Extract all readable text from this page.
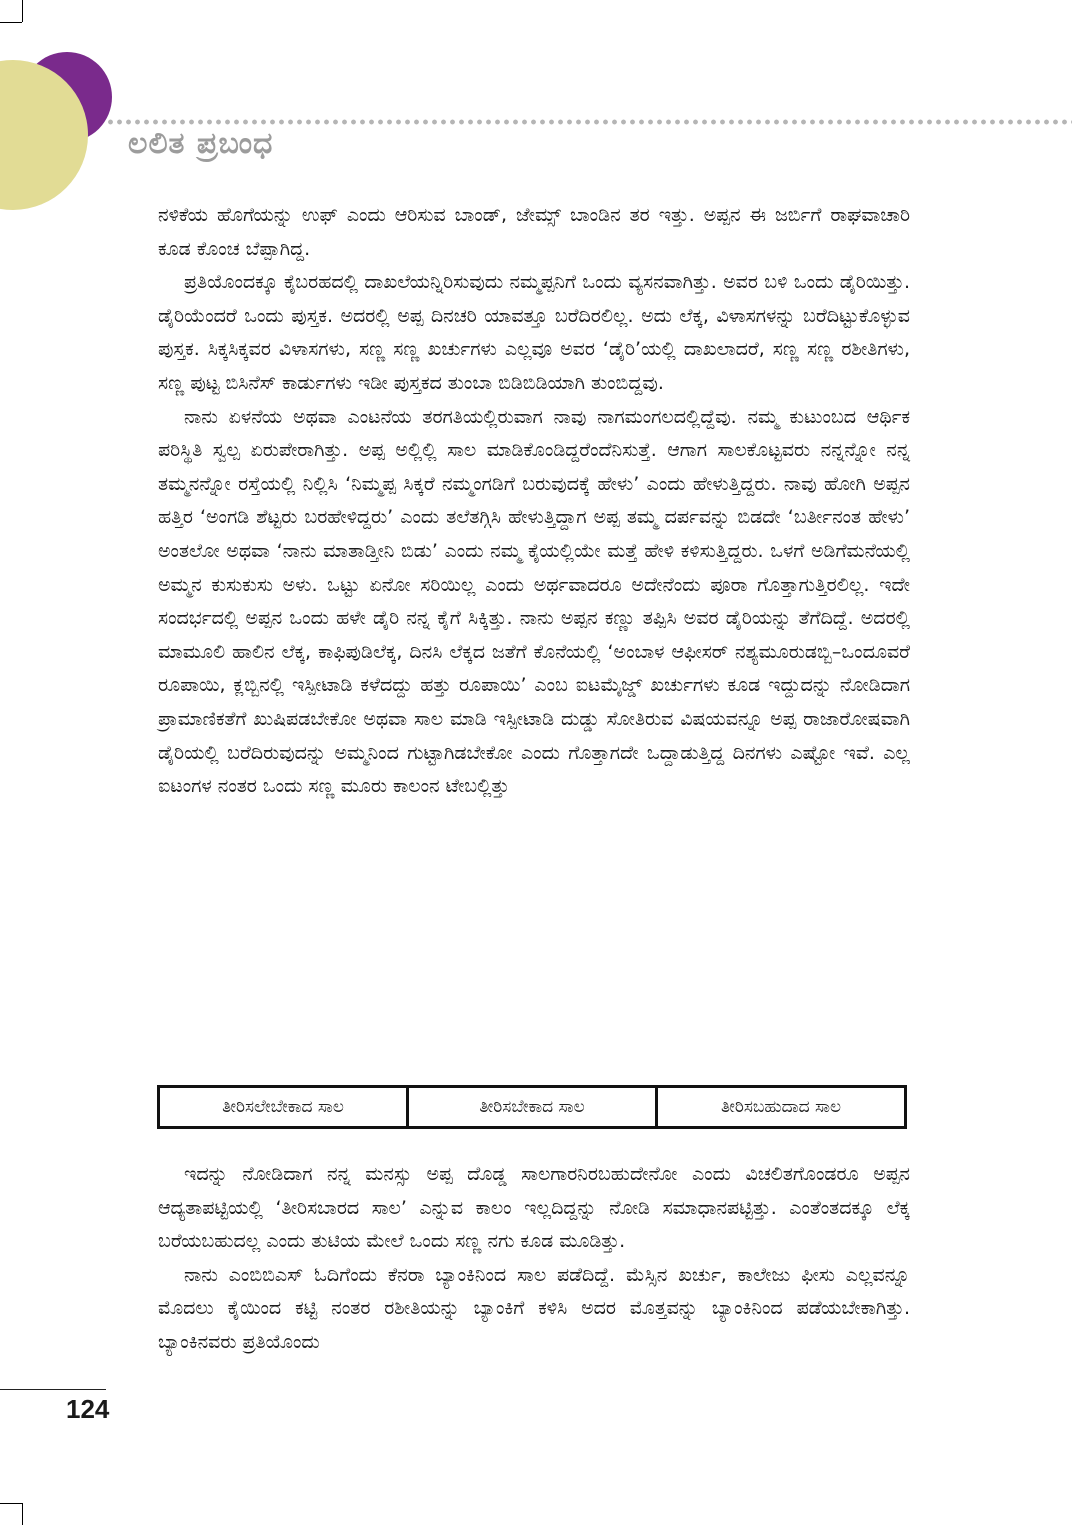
ಲಲಿತ ಪ್ರಬಂಧ

ನಳಿಕೆಯ ಹೊಗೆಯನ್ನು ಉಫ್ ಎಂದು ಆರಿಸುವ ಬಾಂಡ್, ಜೇಮ್ಸ್ ಬಾಂಡಿನ ತರ ಇತ್ತು. ಅಪ್ಪನ ಈ ಜರ್ಬಿಗೆ ರಾಘವಾಚಾರಿ ಕೂಡ ಕೊಂಚ ಬೆಪ್ಪಾಗಿದ್ದ.

ಪ್ರತಿಯೊಂದಕ್ಕೂ ಕೈಬರಹದಲ್ಲಿ ದಾಖಲೆಯನ್ನಿರಿಸುವುದು ನಮ್ಮಪ್ಪನಿಗೆ ಒಂದು ವ್ಯಸನವಾಗಿತ್ತು. ಅವರ ಬಳಿ ಒಂದು ಡೈರಿಯಿತ್ತು. ಡೈರಿಯೆಂದರೆ ಒಂದು ಪುಸ್ತಕ. ಅದರಲ್ಲಿ ಅಪ್ಪ ದಿನಚರಿ ಯಾವತ್ತೂ ಬರೆದಿರಲಿಲ್ಲ. ಅದು ಲೆಕ್ಕ, ವಿಳಾಸಗಳನ್ನು ಬರೆದಿಟ್ಟುಕೊಳ್ಳುವ ಪುಸ್ತಕ. ಸಿಕ್ಕಸಿಕ್ಕವರ ವಿಳಾಸಗಳು, ಸಣ್ಣ ಸಣ್ಣ ಖರ್ಚುಗಳು ಎಲ್ಲವೂ ಅವರ ‘ಡೈರಿ’ಯಲ್ಲಿ ದಾಖಲಾದರೆ, ಸಣ್ಣ ಸಣ್ಣ ರಶೀತಿಗಳು, ಸಣ್ಣ ಪುಟ್ಟ ಬಿಸಿನೆಸ್ ಕಾರ್ಡುಗಳು ಇಡೀ ಪುಸ್ತಕದ ತುಂಬಾ ಬಿಡಿಬಿಡಿಯಾಗಿ ತುಂಬಿದ್ದವು.

ನಾನು ಏಳನೆಯ ಅಥವಾ ಎಂಟನೆಯ ತರಗತಿಯಲ್ಲಿರುವಾಗ ನಾವು ನಾಗಮಂಗಲದಲ್ಲಿದ್ದೆವು. ನಮ್ಮ ಕುಟುಂಬದ ಆರ್ಥಿಕ ಪರಿಸ್ಥಿತಿ ಸ್ವಲ್ಪ ಏರುಪೇರಾಗಿತ್ತು. ಅಪ್ಪ ಅಲ್ಲಿಲ್ಲಿ ಸಾಲ ಮಾಡಿಕೊಂಡಿದ್ದರೆಂದೆನಿಸುತ್ತೆ. ಆಗಾಗ ಸಾಲಕೊಟ್ಟವರು ನನ್ನನ್ನೋ ನನ್ನ ತಮ್ಮನನ್ನೋ ರಸ್ತೆಯಲ್ಲಿ ನಿಲ್ಲಿಸಿ ‘ನಿಮ್ಮಪ್ಪ ಸಿಕ್ಕರೆ ನಮ್ಮಂಗಡಿಗೆ ಬರುವುದಕ್ಕೆ ಹೇಳು’ ಎಂದು ಹೇಳುತ್ತಿದ್ದರು. ನಾವು ಹೋಗಿ ಅಪ್ಪನ ಹತ್ತಿರ ‘ಅಂಗಡಿ ಶೆಟ್ಟರು ಬರಹೇಳಿದ್ದರು’ ಎಂದು ತಲೆತಗ್ಗಿಸಿ ಹೇಳುತ್ತಿದ್ದಾಗ ಅಪ್ಪ ತಮ್ಮ ದರ್ಪವನ್ನು ಬಿಡದೇ ‘ಬರ್ತೀನಂತ ಹೇಳು’ ಅಂತಲೋ ಅಥವಾ ‘ನಾನು ಮಾತಾಡ್ತೀನಿ ಬಿಡು’ ಎಂದು ನಮ್ಮ ಕೈಯಲ್ಲಿಯೇ ಮತ್ತೆ ಹೇಳಿ ಕಳಿಸುತ್ತಿದ್ದರು. ಒಳಗೆ ಅಡಿಗೆಮನೆಯಲ್ಲಿ ಅಮ್ಮನ ಕುಸುಕುಸು ಅಳು. ಒಟ್ಟು ಏನೋ ಸರಿಯಿಲ್ಲ ಎಂದು ಅರ್ಥವಾದರೂ ಅದೇನೆಂದು ಪೂರಾ ಗೊತ್ತಾಗುತ್ತಿರಲಿಲ್ಲ. ಇದೇ ಸಂದರ್ಭದಲ್ಲಿ ಅಪ್ಪನ ಒಂದು ಹಳೇ ಡೈರಿ ನನ್ನ ಕೈಗೆ ಸಿಕ್ಕಿತ್ತು. ನಾನು ಅಪ್ಪನ ಕಣ್ಣು ತಪ್ಪಿಸಿ ಅವರ ಡೈರಿಯನ್ನು ತೆಗೆದಿದ್ದೆ. ಅದರಲ್ಲಿ ಮಾಮೂಲಿ ಹಾಲಿನ ಲೆಕ್ಕ, ಕಾಫಿಪುಡಿಲೆಕ್ಕ, ದಿನಸಿ ಲೆಕ್ಕದ ಜತೆಗೆ ಕೊನೆಯಲ್ಲಿ ‘ಅಂಬಾಳ ಆಫೀಸರ್ ನಶ್ಯಮೂರುಡಬ್ಬಿ–ಒಂದೂವರೆ ರೂಪಾಯಿ, ಕ್ಲಬ್ಬಿನಲ್ಲಿ ಇಸ್ಪೀಟಾಡಿ ಕಳೆದದ್ದು ಹತ್ತು ರೂಪಾಯಿ’ ಎಂಬ ಐಟಮೈಜ್ಡ್ ಖರ್ಚುಗಳು ಕೂಡ ಇದ್ದುದನ್ನು ನೋಡಿದಾಗ ಪ್ರಾಮಾಣಿಕತೆಗೆ ಖುಷಿಪಡಬೇಕೋ ಅಥವಾ ಸಾಲ ಮಾಡಿ ಇಸ್ಪೀಟಾಡಿ ದುಡ್ಡು ಸೋತಿರುವ ವಿಷಯವನ್ನೂ ಅಪ್ಪ ರಾಜಾರೋಷವಾಗಿ ಡೈರಿಯಲ್ಲಿ ಬರೆದಿರುವುದನ್ನು ಅಮ್ಮನಿಂದ ಗುಟ್ಟಾಗಿಡಬೇಕೋ ಎಂದು ಗೊತ್ತಾಗದೇ ಒದ್ದಾಡುತ್ತಿದ್ದ ದಿನಗಳು ಎಷ್ಟೋ ಇವೆ. ಎಲ್ಲ ಐಟಂಗಳ ನಂತರ ಒಂದು ಸಣ್ಣ ಮೂರು ಕಾಲಂನ ಟೇಬಲ್ಲಿತ್ತು

ತೀರಿಸಲೇಬೇಕಾದ ಸಾಲ	ತೀರಿಸಬೇಕಾದ ಸಾಲ	ತೀರಿಸಬಹುದಾದ ಸಾಲ

ಇದನ್ನು ನೋಡಿದಾಗ ನನ್ನ ಮನಸ್ಸು ಅಪ್ಪ ದೊಡ್ಡ ಸಾಲಗಾರನಿರಬಹುದೇನೋ ಎಂದು ವಿಚಲಿತಗೊಂಡರೂ ಅಪ್ಪನ ಆದ್ಯತಾಪಟ್ಟಿಯಲ್ಲಿ ‘ತೀರಿಸಬಾರದ ಸಾಲ’ ಎನ್ನುವ ಕಾಲಂ ಇಲ್ಲದಿದ್ದನ್ನು ನೋಡಿ ಸಮಾಧಾನಪಟ್ಟಿತ್ತು. ಎಂತೆಂತದಕ್ಕೂ ಲೆಕ್ಕ ಬರೆಯಬಹುದಲ್ಲ ಎಂದು ತುಟಿಯ ಮೇಲೆ ಒಂದು ಸಣ್ಣ ನಗು ಕೂಡ ಮೂಡಿತ್ತು.

ನಾನು ಎಂಬಿಬಿಎಸ್ ಓದಿಗೆಂದು ಕೆನರಾ ಬ್ಯಾಂಕಿನಿಂದ ಸಾಲ ಪಡೆದಿದ್ದೆ. ಮೆಸ್ಸಿನ ಖರ್ಚು, ಕಾಲೇಜು ಫೀಸು ಎಲ್ಲವನ್ನೂ ಮೊದಲು ಕೈಯಿಂದ ಕಟ್ಟಿ ನಂತರ ರಶೀತಿಯನ್ನು ಬ್ಯಾಂಕಿಗೆ ಕಳಿಸಿ ಅದರ ಮೊತ್ತವನ್ನು ಬ್ಯಾಂಕಿನಿಂದ ಪಡೆಯಬೇಕಾಗಿತ್ತು. ಬ್ಯಾಂಕಿನವರು ಪ್ರತಿಯೊಂದು

124
